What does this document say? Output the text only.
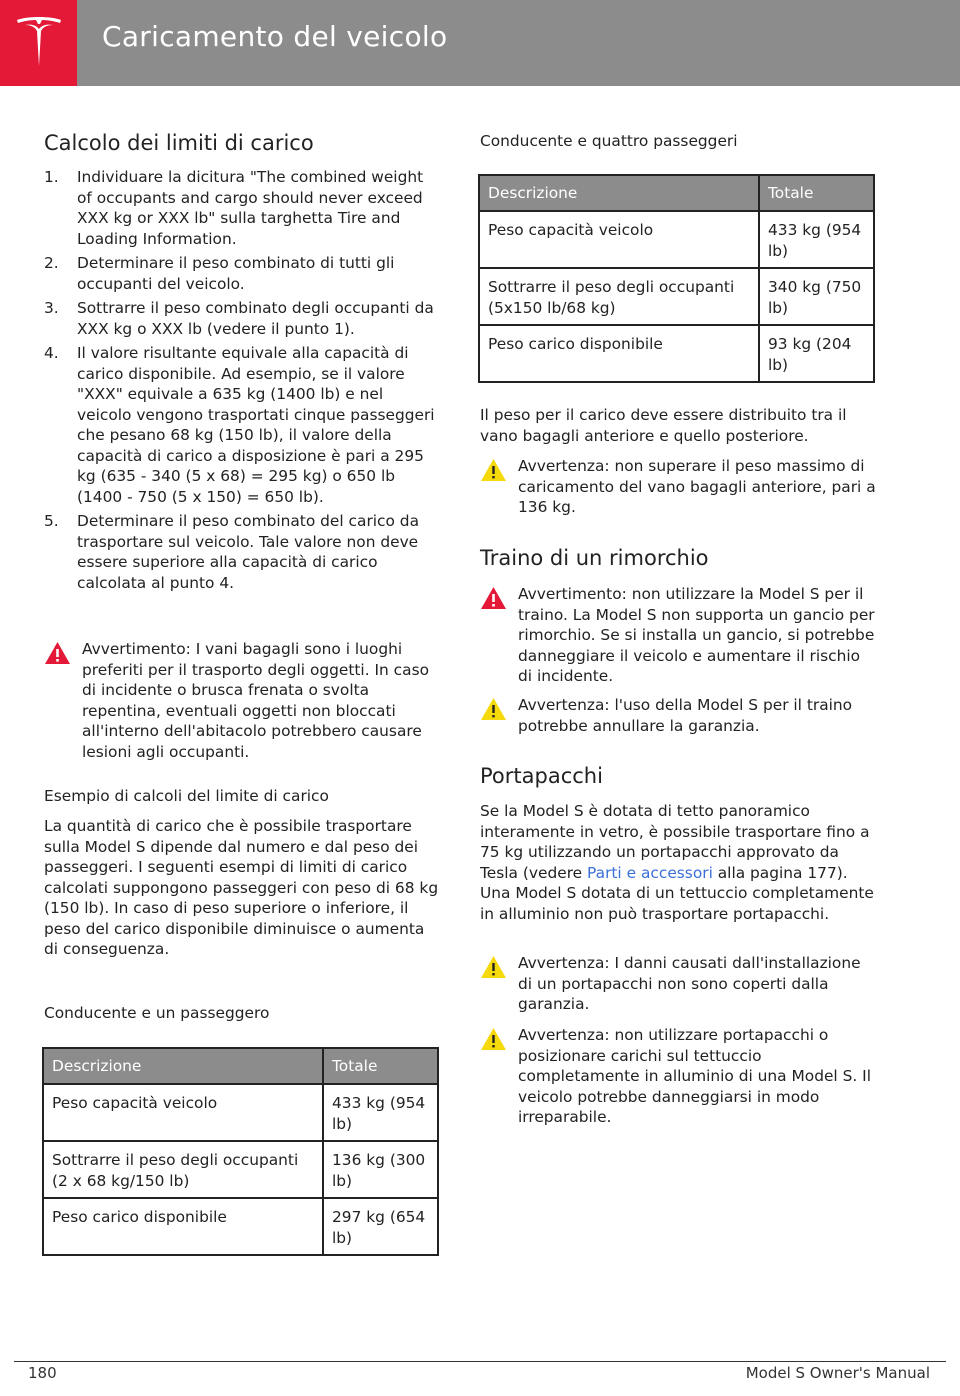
Caricamento del veicolo
Calcolo dei limiti di carico
1. Individuare la dicitura "The combined weight of occupants and cargo should never exceed XXX kg or XXX lb" sulla targhetta Tire and Loading Information.
2. Determinare il peso combinato di tutti gli occupanti del veicolo.
3. Sottrarre il peso combinato degli occupanti da XXX kg o XXX lb (vedere il punto 1).
4. Il valore risultante equivale alla capacità di carico disponibile. Ad esempio, se il valore "XXX" equivale a 635 kg (1400 lb) e nel veicolo vengono trasportati cinque passeggeri che pesano 68 kg (150 lb), il valore della capacità di carico a disposizione è pari a 295 kg (635 - 340 (5 x 68) = 295 kg) o 650 lb (1400 - 750 (5 x 150) = 650 lb).
5. Determinare il peso combinato del carico da trasportare sul veicolo. Tale valore non deve essere superiore alla capacità di carico calcolata al punto 4.
Avvertimento: I vani bagagli sono i luoghi preferiti per il trasporto degli oggetti. In caso di incidente o brusca frenata o svolta repentina, eventuali oggetti non bloccati all'interno dell'abitacolo potrebbero causare lesioni agli occupanti.

Esempio di calcoli del limite di carico

La quantità di carico che è possibile trasportare sulla Model S dipende dal numero e dal peso dei passeggeri. I seguenti esempi di limiti di carico calcolati suppongono passeggeri con peso di 68 kg (150 lb). In caso di peso superiore o inferiore, il peso del carico disponibile diminuisce o aumenta di conseguenza.

Conducente e un passeggero

Descrizione	Totale
Peso capacità veicolo	433 kg (954 lb)
Sottrarre il peso degli occupanti (2 x 68 kg/150 lb)	136 kg (300 lb)
Peso carico disponibile	297 kg (654 lb)

Conducente e quattro passeggeri

Descrizione	Totale
Peso capacità veicolo	433 kg (954 lb)
Sottrarre il peso degli occupanti (5x150 lb/68 kg)	340 kg (750 lb)
Peso carico disponibile	93 kg (204 lb)

Il peso per il carico deve essere distribuito tra il vano bagagli anteriore e quello posteriore.

Avvertenza: non superare il peso massimo di caricamento del vano bagagli anteriore, pari a 136 kg.
Traino di un rimorchio
Avvertimento: non utilizzare la Model S per il traino. La Model S non supporta un gancio per rimorchio. Se si installa un gancio, si potrebbe danneggiare il veicolo e aumentare il rischio di incidente.
Avvertenza: l'uso della Model S per il traino potrebbe annullare la garanzia.
Portapacchi

Se la Model S è dotata di tetto panoramico interamente in vetro, è possibile trasportare fino a 75 kg utilizzando un portapacchi approvato da Tesla (vedere Parti e accessori alla pagina 177). Una Model S dotata di un tettuccio completamente in alluminio non può trasportare portapacchi.

Avvertenza: I danni causati dall'installazione di un portapacchi non sono coperti dalla garanzia.
Avvertenza: non utilizzare portapacchi o posizionare carichi sul tettuccio completamente in alluminio di una Model S. Il veicolo potrebbe danneggiarsi in modo irreparabile.
180	Model S Owner's Manual
